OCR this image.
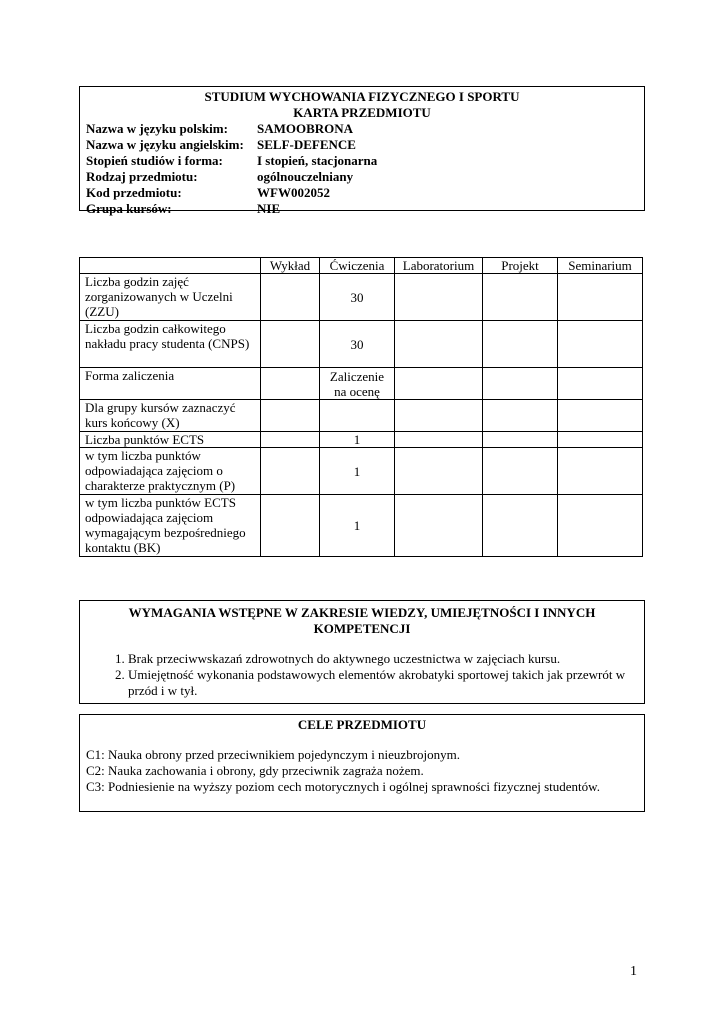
STUDIUM WYCHOWANIA FIZYCZNEGO I SPORTU
KARTA PRZEDMIOTU
Nazwa w języku polskim:	SAMOOBRONA
Nazwa w języku angielskim:	SELF-DEFENCE
Stopień studiów i forma:	I stopień, stacjonarna
Rodzaj przedmiotu:	ogólnouczelniany
Kod przedmiotu:	WFW002052
Grupa kursów:	NIE
	Wykład	Ćwiczenia	Laboratorium	Projekt	Seminarium
Liczba godzin zajęć zorganizowanych w Uczelni (ZZU)		30			
Liczba godzin całkowitego nakładu pracy studenta (CNPS)		30			
Forma zaliczenia		Zaliczenie na ocenę			
Dla grupy kursów zaznaczyć kurs końcowy (X)					
Liczba punktów ECTS		1			
w tym liczba punktów odpowiadająca zajęciom o charakterze praktycznym (P)		1			
w tym liczba punktów ECTS odpowiadająca zajęciom wymagającym bezpośredniego kontaktu (BK)		1			
WYMAGANIA WSTĘPNE W ZAKRESIE WIEDZY, UMIEJĘTNOŚCI I INNYCH KOMPETENCJI
1. Brak przeciwwskazań zdrowotnych do aktywnego uczestnictwa w zajęciach kursu.
2. Umiejętność wykonania podstawowych elementów akrobatyki sportowej takich jak przewrót w przód i w tył.
CELE PRZEDMIOTU
C1: Nauka obrony przed przeciwnikiem pojedynczym i nieuzbrojonym.
C2: Nauka zachowania i obrony, gdy przeciwnik zagraża nożem.
C3: Podniesienie na wyższy poziom cech motorycznych i ogólnej sprawności fizycznej studentów.
1
